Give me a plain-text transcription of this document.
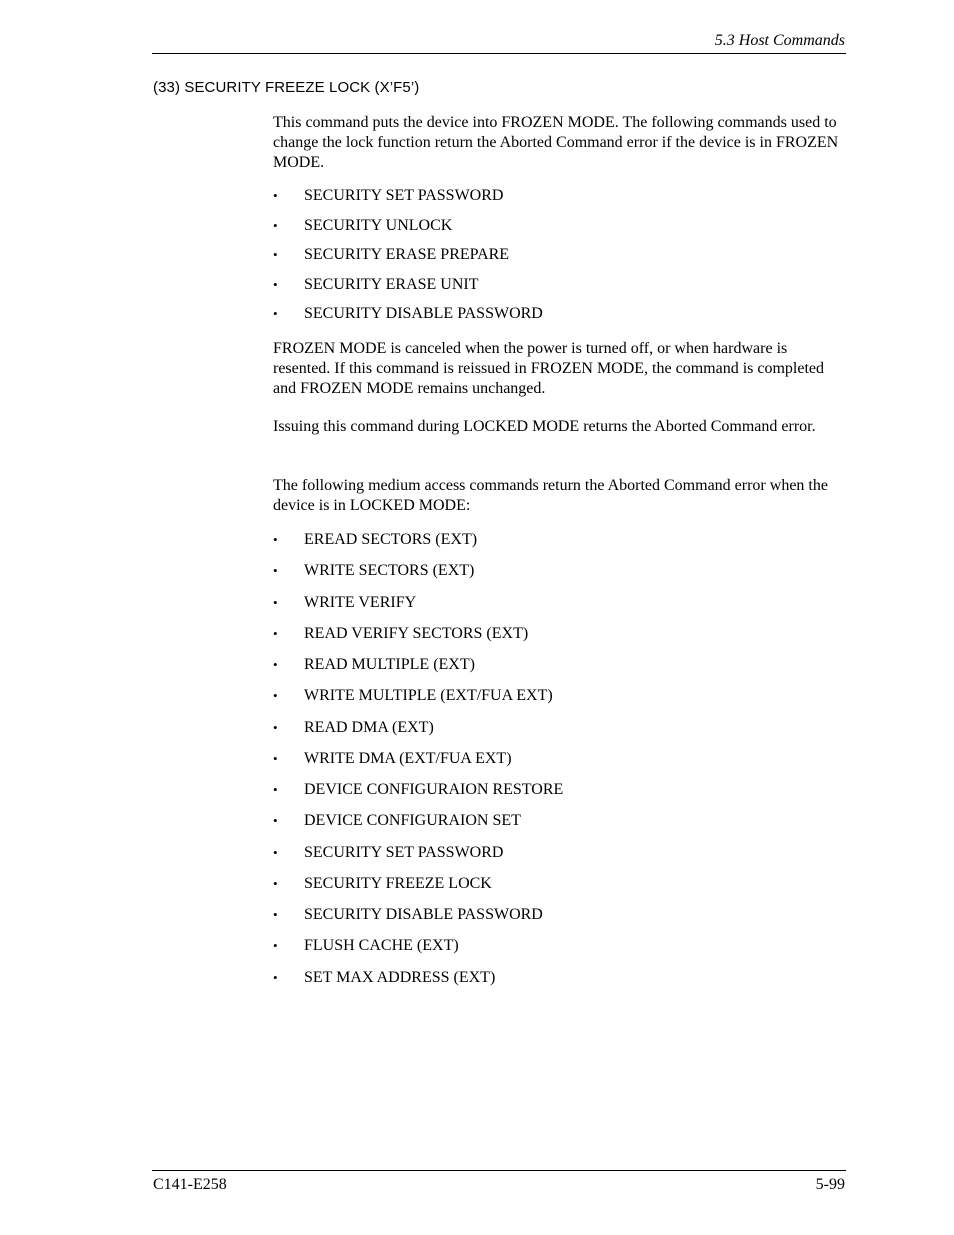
5.3 Host Commands
(33) SECURITY FREEZE LOCK (X’F5’)

This command puts the device into FROZEN MODE. The following commands used to change the lock function return the Aborted Command error if the device is in FROZEN MODE.

• SECURITY SET PASSWORD
• SECURITY UNLOCK
• SECURITY ERASE PREPARE
• SECURITY ERASE UNIT
• SECURITY DISABLE PASSWORD

FROZEN MODE is canceled when the power is turned off, or when hardware is resented. If this command is reissued in FROZEN MODE, the command is completed and FROZEN MODE remains unchanged.

Issuing this command during LOCKED MODE returns the Aborted Command error.

The following medium access commands return the Aborted Command error when the device is in LOCKED MODE:

• EREAD SECTORS (EXT)
• WRITE SECTORS (EXT)
• WRITE VERIFY
• READ VERIFY SECTORS (EXT)
• READ MULTIPLE (EXT)
• WRITE MULTIPLE (EXT/FUA EXT)
• READ DMA (EXT)
• WRITE DMA (EXT/FUA EXT)
• DEVICE CONFIGURAION RESTORE
• DEVICE CONFIGURAION SET
• SECURITY SET PASSWORD
• SECURITY FREEZE LOCK
• SECURITY DISABLE PASSWORD
• FLUSH CACHE (EXT)
• SET MAX ADDRESS (EXT)
C141-E258	5-99
